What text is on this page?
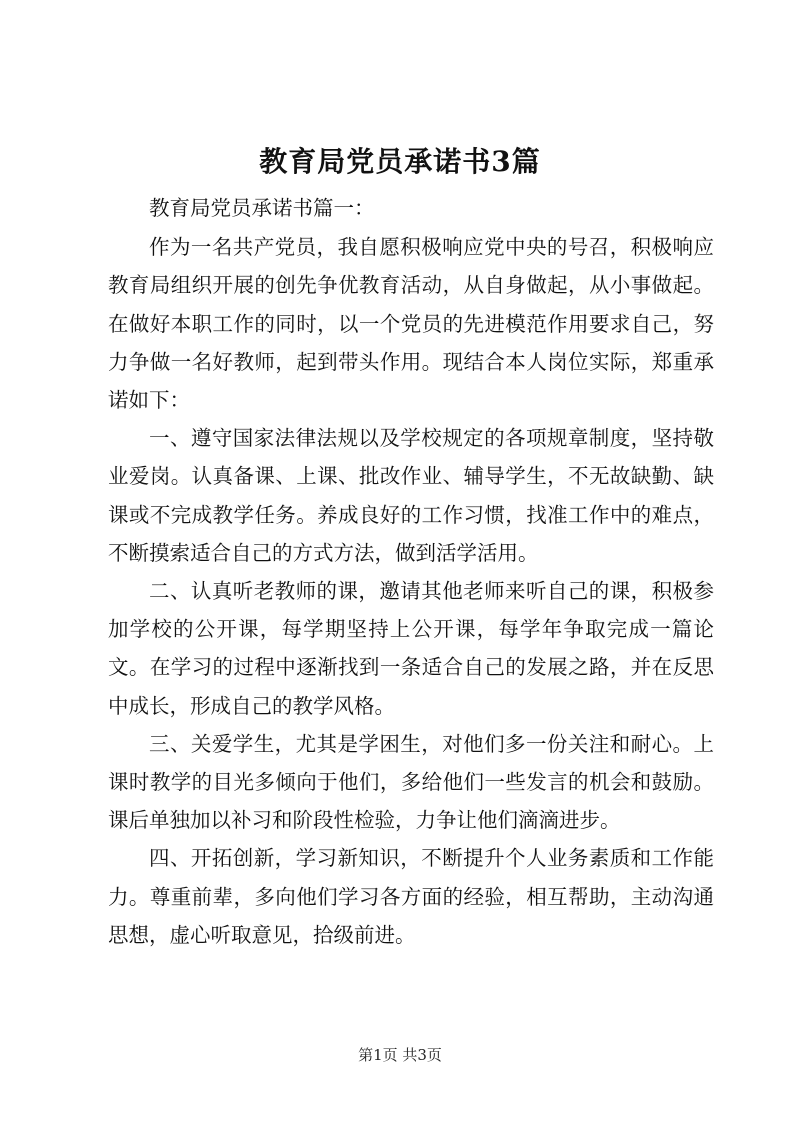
教育局党员承诺书3篇

教育局党员承诺书篇一：

作为一名共产党员，我自愿积极响应党中央的号召，积极响应教育局组织开展的创先争优教育活动，从自身做起，从小事做起。在做好本职工作的同时，以一个党员的先进模范作用要求自己，努力争做一名好教师，起到带头作用。现结合本人岗位实际，郑重承诺如下：

一、遵守国家法律法规以及学校规定的各项规章制度，坚持敬业爱岗。认真备课、上课、批改作业、辅导学生，不无故缺勤、缺课或不完成教学任务。养成良好的工作习惯，找准工作中的难点，不断摸索适合自己的方式方法，做到活学活用。

二、认真听老教师的课，邀请其他老师来听自己的课，积极参加学校的公开课，每学期坚持上公开课，每学年争取完成一篇论文。在学习的过程中逐渐找到一条适合自己的发展之路，并在反思中成长，形成自己的教学风格。

三、关爱学生，尤其是学困生，对他们多一份关注和耐心。上课时教学的目光多倾向于他们，多给他们一些发言的机会和鼓励。课后单独加以补习和阶段性检验，力争让他们滴滴进步。

四、开拓创新，学习新知识，不断提升个人业务素质和工作能力。尊重前辈，多向他们学习各方面的经验，相互帮助，主动沟通思想，虚心听取意见，拾级前进。

第1页 共3页
